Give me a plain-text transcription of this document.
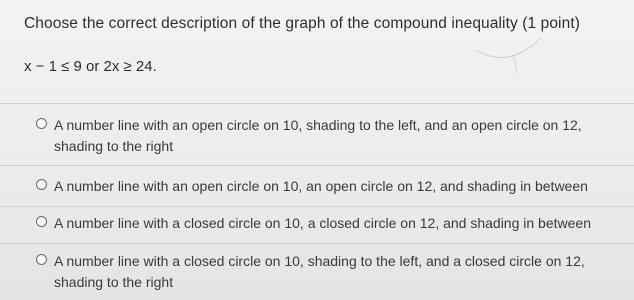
Choose the correct description of the graph of the compound inequality (1 point)
x − 1 ≤ 9 or 2x ≥ 24.
A number line with an open circle on 10, shading to the left, and an open circle on 12, shading to the right
A number line with an open circle on 10, an open circle on 12, and shading in between
A number line with a closed circle on 10, a closed circle on 12, and shading in between
A number line with a closed circle on 10, shading to the left, and a closed circle on 12, shading to the right
